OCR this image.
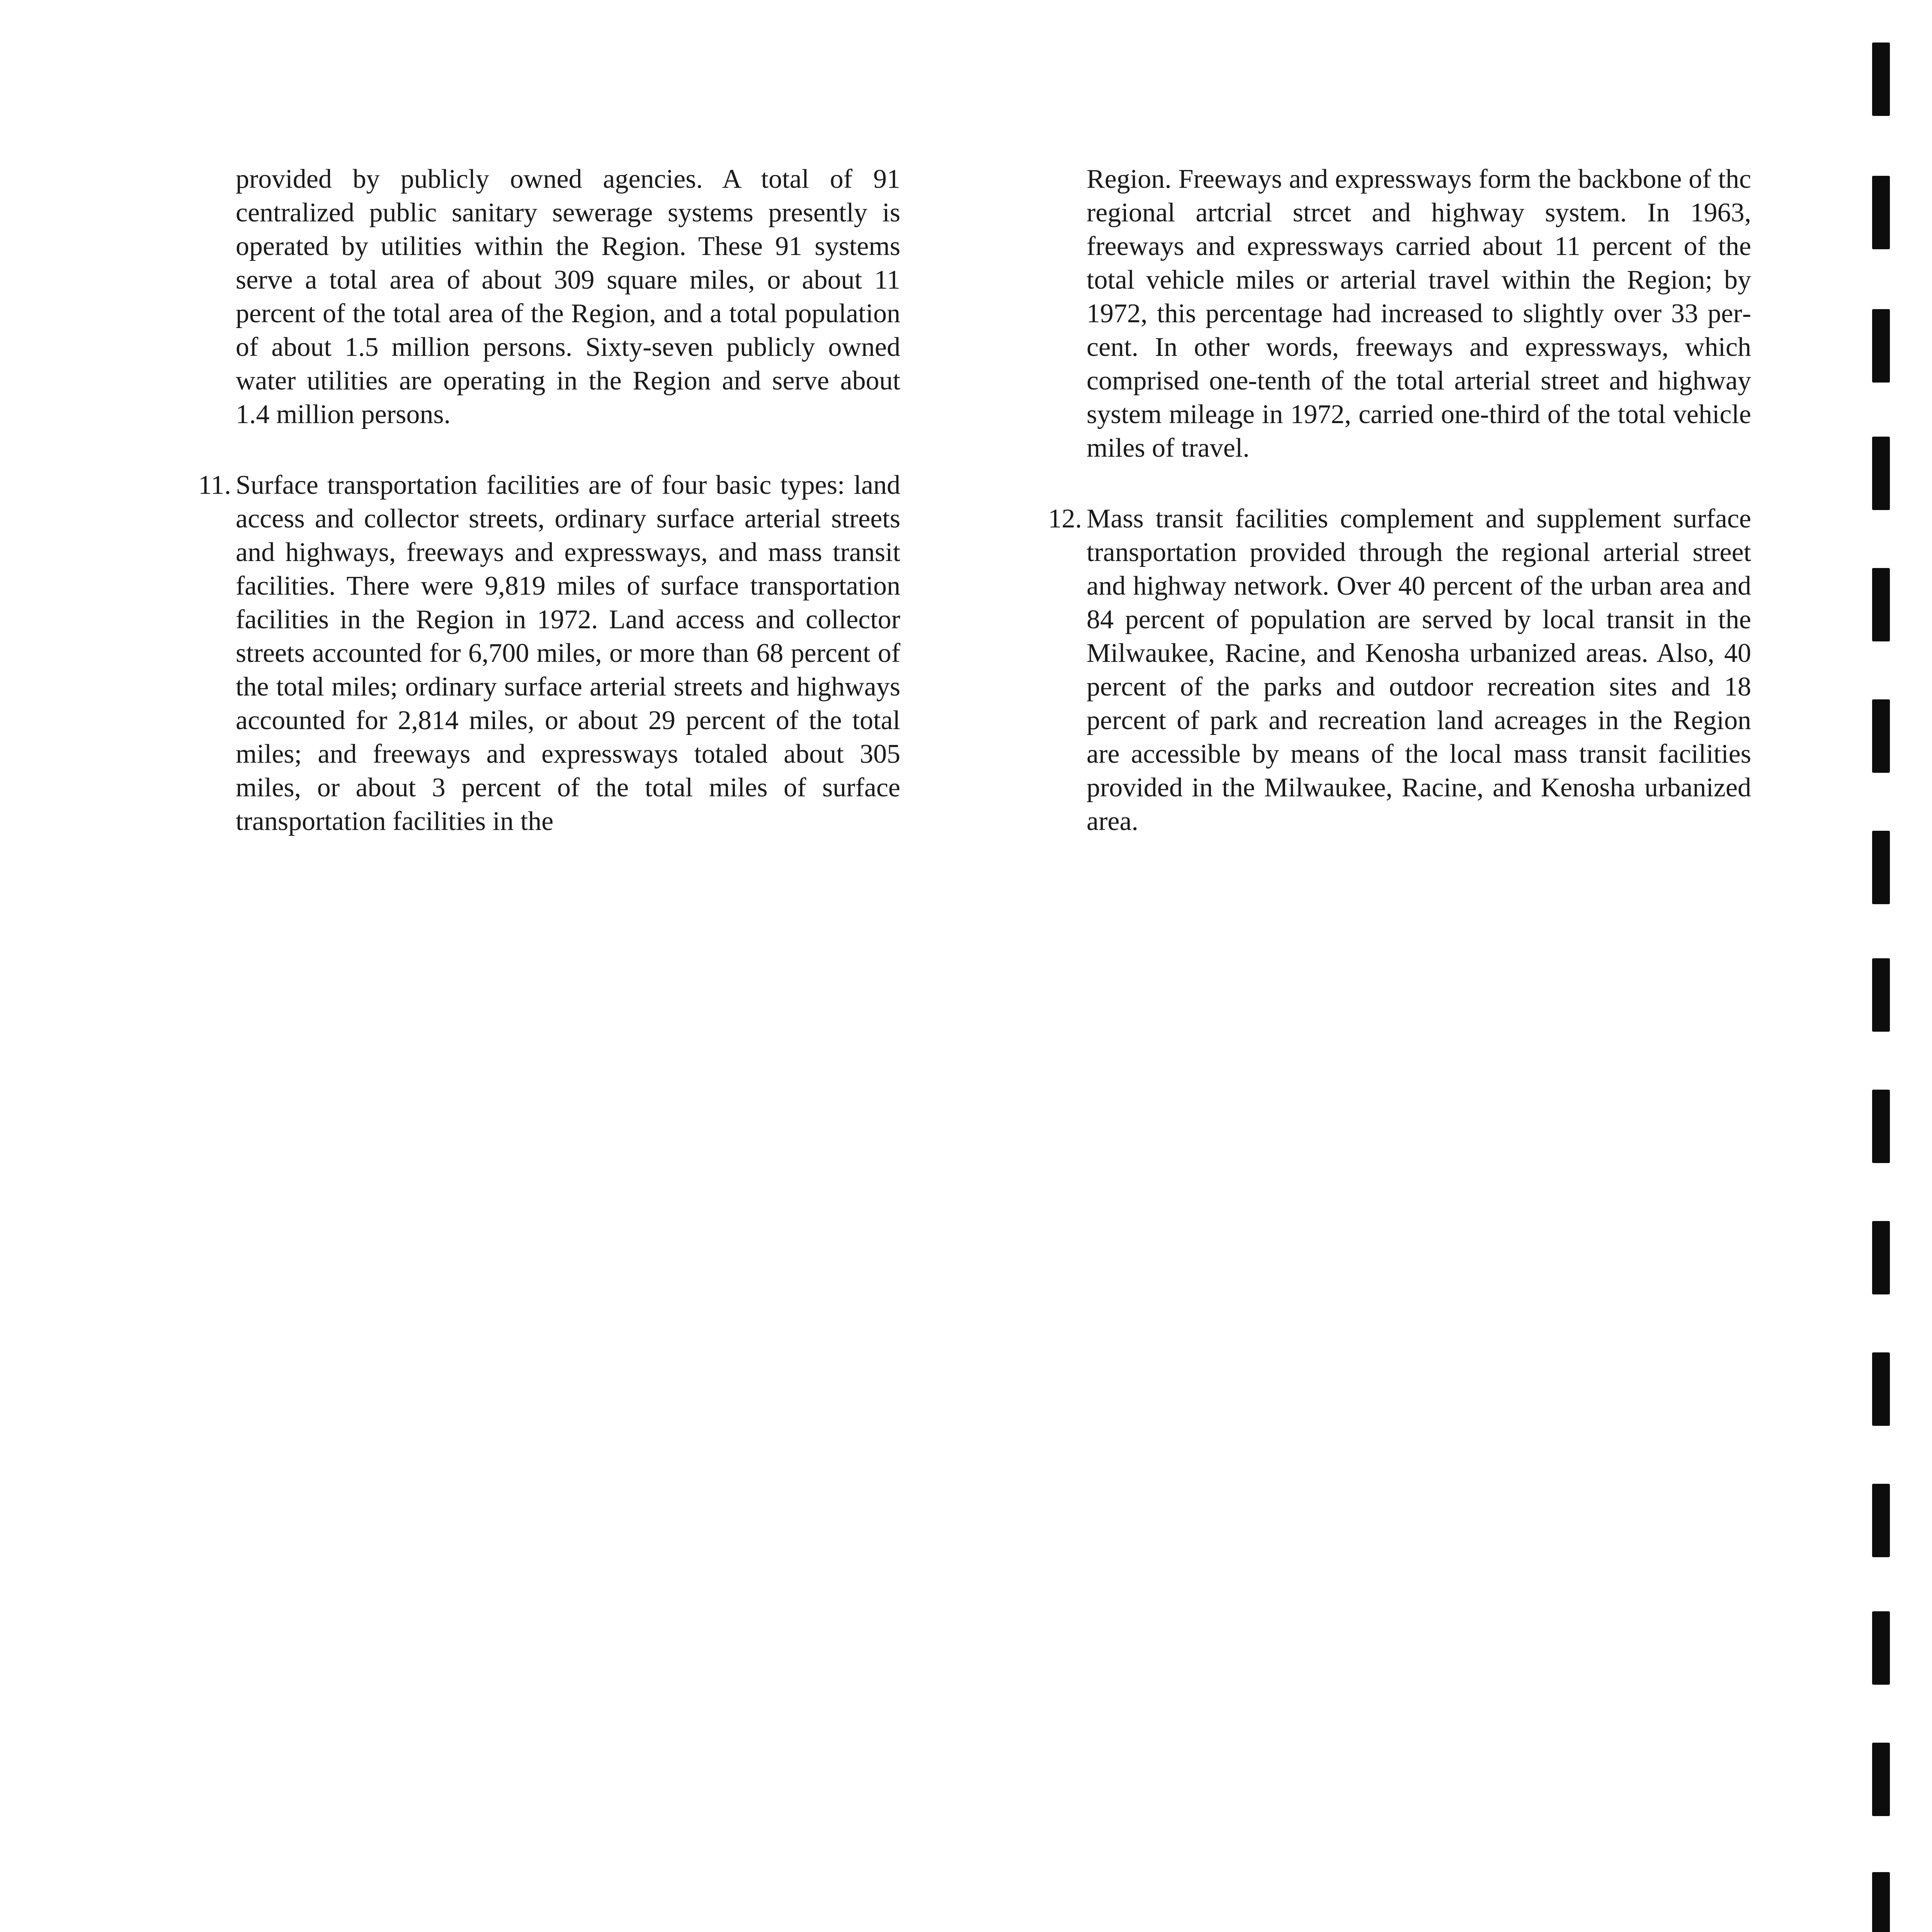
provided by publicly owned agencies. A total of 91 centralized public sanitary sewerage systems presently is operated by utilities within the Region. These 91 systems serve a total area of about 309 square miles, or about 11 percent of the total area of the Region, and a total population of about 1.5 million persons. Sixty-seven publicly owned water utilities are operating in the Region and serve about 1.4 million persons.

11. Surface transportation facilities are of four basic types: land access and collector streets, ordinary surface arterial streets and highways, freeways and expressways, and mass transit facilities. There were 9,819 miles of surface transportation facilities in the Region in 1972. Land access and collector streets accounted for 6,700 miles, or more than 68 percent of the total miles; ordinary surface arterial streets and highways accounted for 2,814 miles, or about 29 percent of the total miles; and freeways and expressways totaled about 305 miles, or about 3 percent of the total miles of surface transportation facilities in the

Region. Freeways and expressways form the backbone of thc regional artcrial strcet and highway system. In 1963, freeways and expressways carried about 11 percent of the total vehicle miles or arterial travel within the Region; by 1972, this percentage had increased to slightly over 33 percent. In other words, freeways and expressways, which comprised one-tenth of the total arterial street and highway system mileage in 1972, carried one-third of the total vehicle miles of travel.

12. Mass transit facilities complement and supplement surface transportation provided through the regional arterial street and highway network. Over 40 percent of the urban area and 84 percent of population are served by local transit in the Milwaukee, Racine, and Kenosha urbanized areas. Also, 40 percent of the parks and outdoor recreation sites and 18 percent of park and recreation land acreages in the Region are accessible by means of the local mass transit facilities provided in the Milwaukee, Racine, and Kenosha urbanized area.
